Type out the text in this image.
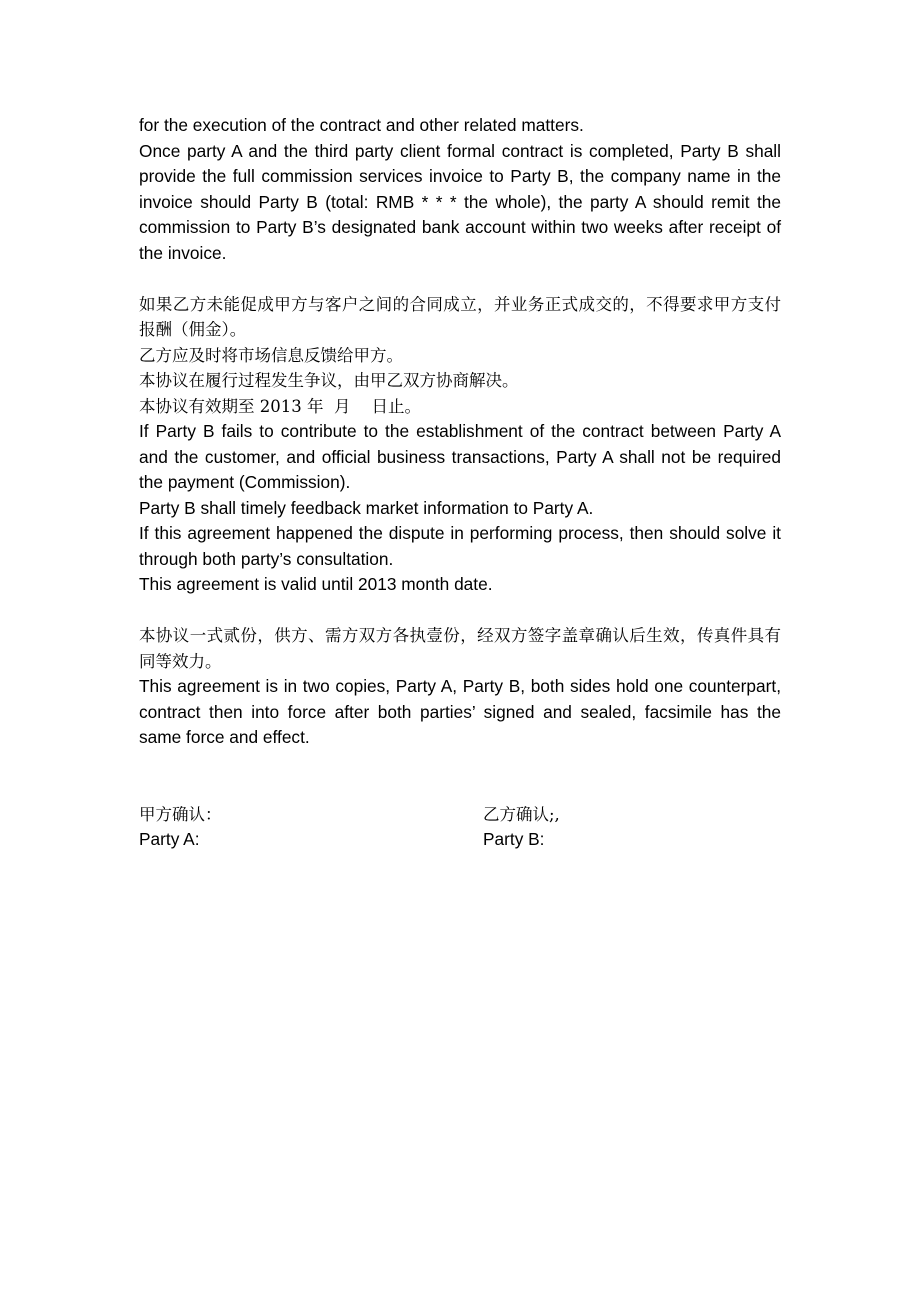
for the execution of the contract and other related matters.

Once party A and the third party client formal contract is completed, Party B shall provide the full commission services invoice to Party B, the company name in the invoice should Party B (total: RMB * * * the whole), the party A should remit the commission to Party B’s designated bank account within two weeks after receipt of the invoice.

如果乙方未能促成甲方与客户之间的合同成立，并业务正式成交的，不得要求甲方支付报酬（佣金）。

乙方应及时将市场信息反馈给甲方。

本协议在履行过程发生争议，由甲乙双方协商解决。

本协议有效期至 2013 年  月    日止。

If Party B fails to contribute to the establishment of the contract between Party A and the customer, and official business transactions, Party A shall not be required    the payment (Commission).

Party B shall timely feedback market information to Party A.

If this agreement happened the dispute in performing process, then should solve it through both party’s consultation.

This agreement is valid until 2013 month date.

本协议一式贰份，供方、需方双方各执壹份，经双方签字盖章确认后生效，传真件具有同等效力。

This agreement is in two copies, Party A, Party B, both sides hold one counterpart, contract then into force after both parties’ signed and sealed, facsimile has the same force and effect.

甲方确认：	乙方确认;,
Party A:	Party B:
